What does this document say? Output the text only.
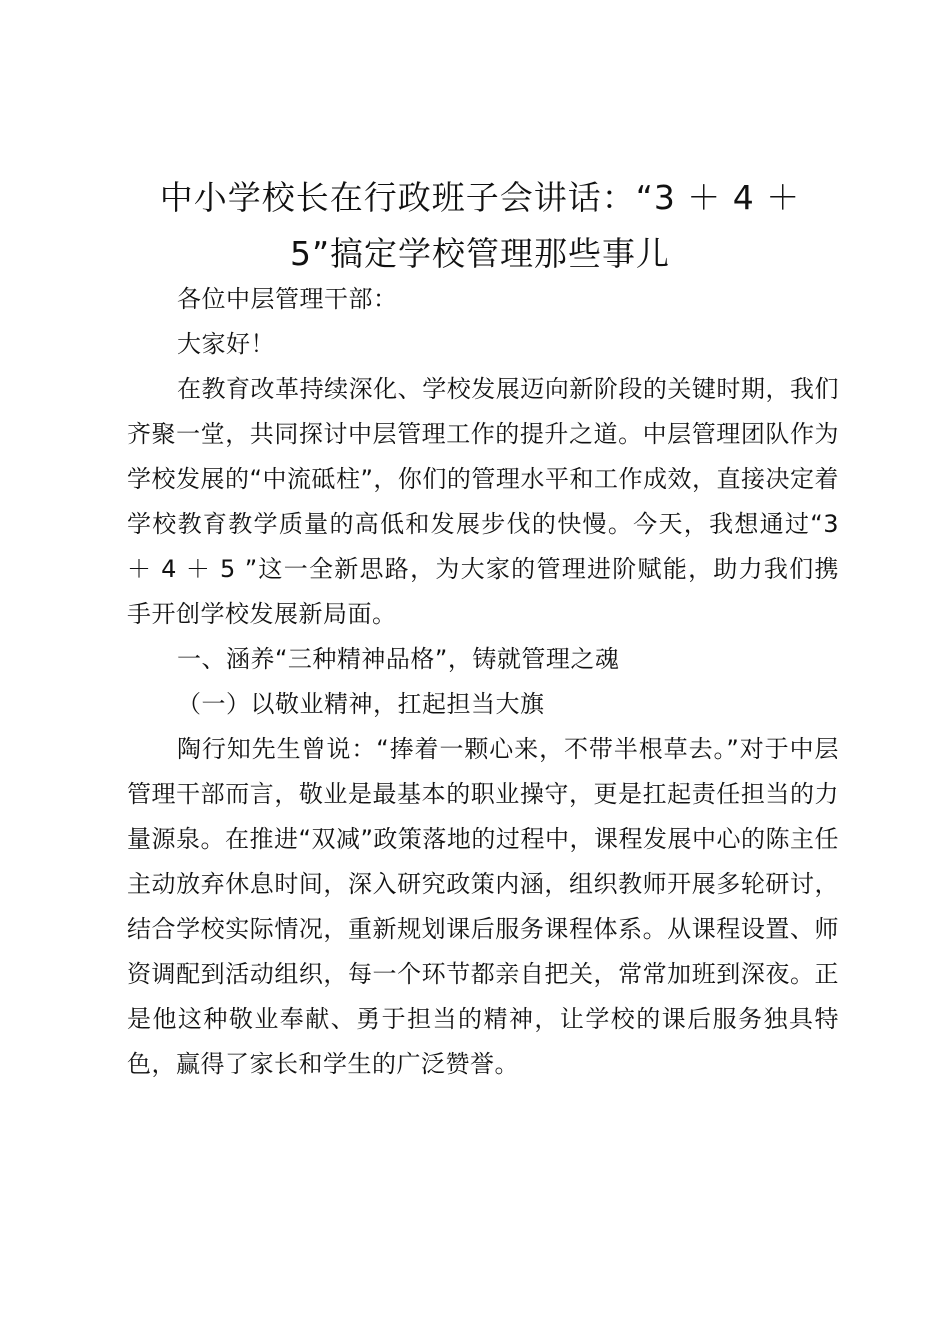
中小学校长在行政班子会讲话：“3 ＋ 4 ＋
5”搞定学校管理那些事儿

各位中层管理干部：

大家好！

在教育改革持续深化、学校发展迈向新阶段的关键时期，我们齐聚一堂，共同探讨中层管理工作的提升之道。中层管理团队作为学校发展的“中流砥柱”，你们的管理水平和工作成效，直接决定着学校教育教学质量的高低和发展步伐的快慢。今天，我想通过“3 ＋ 4 ＋ 5 ”这一全新思路，为大家的管理进阶赋能，助力我们携手开创学校发展新局面。

一、涵养“三种精神品格”，铸就管理之魂

（一）以敬业精神，扛起担当大旗

陶行知先生曾说：“捧着一颗心来，不带半根草去。”对于中层管理干部而言，敬业是最基本的职业操守，更是扛起责任担当的力量源泉。在推进“双减”政策落地的过程中，课程发展中心的陈主任主动放弃休息时间，深入研究政策内涵，组织教师开展多轮研讨，结合学校实际情况，重新规划课后服务课程体系。从课程设置、师资调配到活动组织，每一个环节都亲自把关，常常加班到深夜。正是他这种敬业奉献、勇于担当的精神，让学校的课后服务独具特色，赢得了家长和学生的广泛赞誉。
